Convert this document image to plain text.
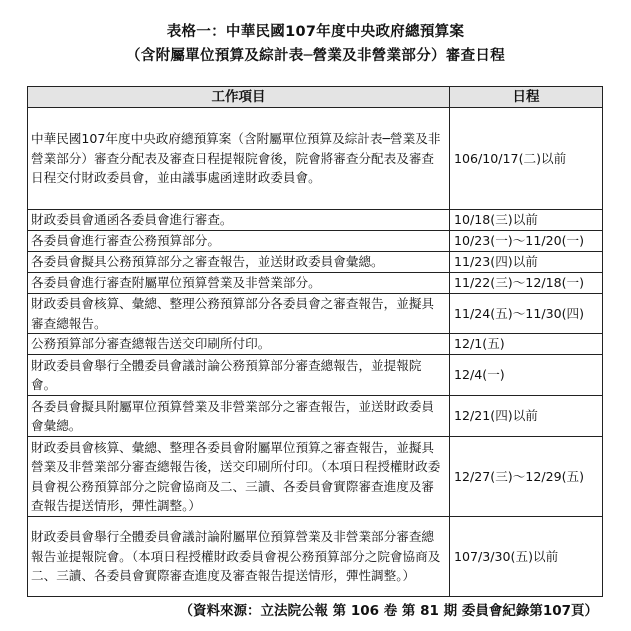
表格一：中華民國107年度中央政府總預算案
（含附屬單位預算及綜計表─營業及非營業部分）審查日程
工作項目	日程
中華民國107年度中央政府總預算案（含附屬單位預算及綜計表─營業及非營業部分）審查分配表及審查日程提報院會後，院會將審查分配表及審查日程交付財政委員會，並由議事處函達財政委員會。	106/10/17(二)以前
財政委員會通函各委員會進行審查。	10/18(三)以前
各委員會進行審查公務預算部分。	10/23(一)～11/20(一)
各委員會擬具公務預算部分之審查報告，並送財政委員會彙總。	11/23(四)以前
各委員會進行審查附屬單位預算營業及非營業部分。	11/22(三)～12/18(一)
財政委員會核算、彙總、整理公務預算部分各委員會之審查報告，並擬具審查總報告。	11/24(五)～11/30(四)
公務預算部分審查總報告送交印刷所付印。	12/1(五)
財政委員會舉行全體委員會議討論公務預算部分審查總報告，並提報院會。	12/4(一)
各委員會擬具附屬單位預算營業及非營業部分之審查報告，並送財政委員會彙總。	12/21(四)以前
財政委員會核算、彙總、整理各委員會附屬單位預算之審查報告，並擬具營業及非營業部分審查總報告後，送交印刷所付印。（本項日程授權財政委員會視公務預算部分之院會協商及二、三讀、各委員會實際審查進度及審查報告提送情形，彈性調整。）	12/27(三)～12/29(五)
財政委員會舉行全體委員會議討論附屬單位預算營業及非營業部分審查總報告並提報院會。（本項日程授權財政委員會視公務預算部分之院會協商及二、三讀、各委員會實際審查進度及審查報告提送情形，彈性調整。）	107/3/30(五)以前
（資料來源：立法院公報 第 106 卷 第 81 期 委員會紀錄第107頁）
